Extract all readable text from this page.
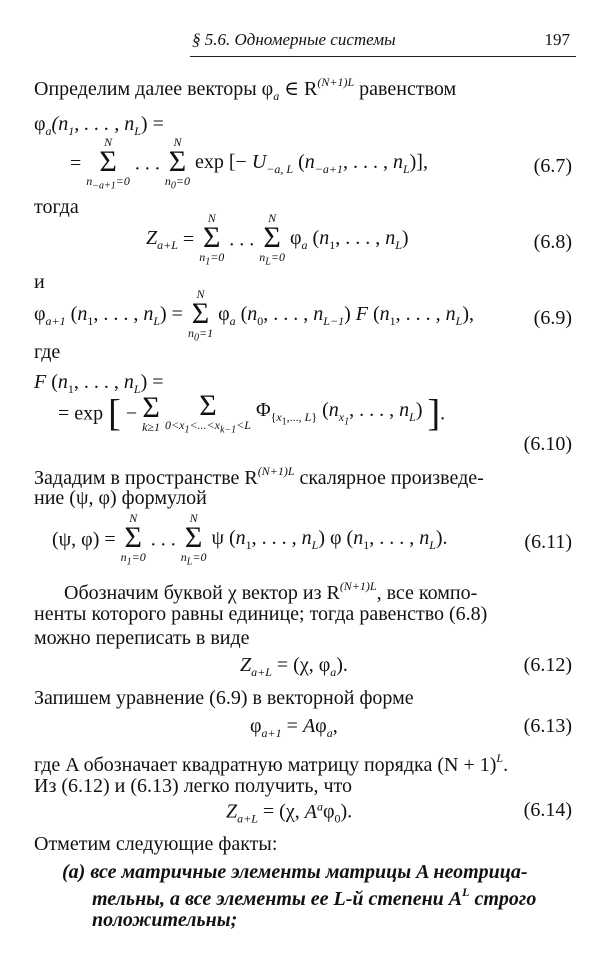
§ 5.6. Одномерные системы	197
Определим далее векторы $\varphi_a$ ∈ $R^{(N+1)L}$ равенством
$\varphi_a(n_1$, . . . , $n_L$) =
=
N
Σ
$n_{-a+1}=0$
. . .
N
Σ
$n_0=0$
exp [− $U_{-a, L}$ ($n_{-a+1}$, . . . , $n_L$)],	(6.7)
тогда
$Z_{a+L}$ =
N
Σ
$n_1=0$
. . .
N
Σ
$n_L=0$
$\varphi_a$ ($n_1$, . . . , $n_L$)	(6.8)
и
$\varphi_{a+1}$ ($n_1$, . . . , $n_L$) =
N
Σ
$n_0=1$
$\varphi_a$ ($n_0$, . . . , $n_{L-1}$) F ($n_1$, . . . , $n_L$),	(6.9)
где
F ($n_1$, . . . , $n_L$) =
= exp [ − Σ
k≥1

Σ
$0<x_1<...<x_{k-1}<L$
$\Phi_{\{x_1,..., L\}}$ ($n_{x_1}$, . . . , $n_L$) ].
(6.10)
Зададим в пространстве $R^{(N+1)L}$ скалярное произведе-
ние (ψ, φ) формулой
(ψ, φ) =
N
Σ
$n_1=0$
. . .
N
Σ
$n_L=0$
ψ ($n_1$, . . . , $n_L$) φ ($n_1$, . . . , $n_L$).	(6.11)
Обозначим буквой χ вектор из $R^{(N+1)L}$, все компо-
ненты которого равны единице; тогда равенство (6.8)
можно переписать в виде
$Z_{a+L} = (\chi$, $\varphi_a$).	(6.12)
Запишем уравнение (6.9) в векторной форме
$\varphi_{a+1} = A\varphi_a$,	(6.13)
где A обозначает квадратную матрицу порядка $(N + 1)^L$.
Из (6.12) и (6.13) легко получить, что
$Z_{a+L} = (\chi$, $A^a\varphi_0$).	(6.14)
Отметим следующие факты:
(а) все матричные элементы матрицы A неотрица-
тельны, а все элементы ее L-й степени $A^L$ строго
положительны;
